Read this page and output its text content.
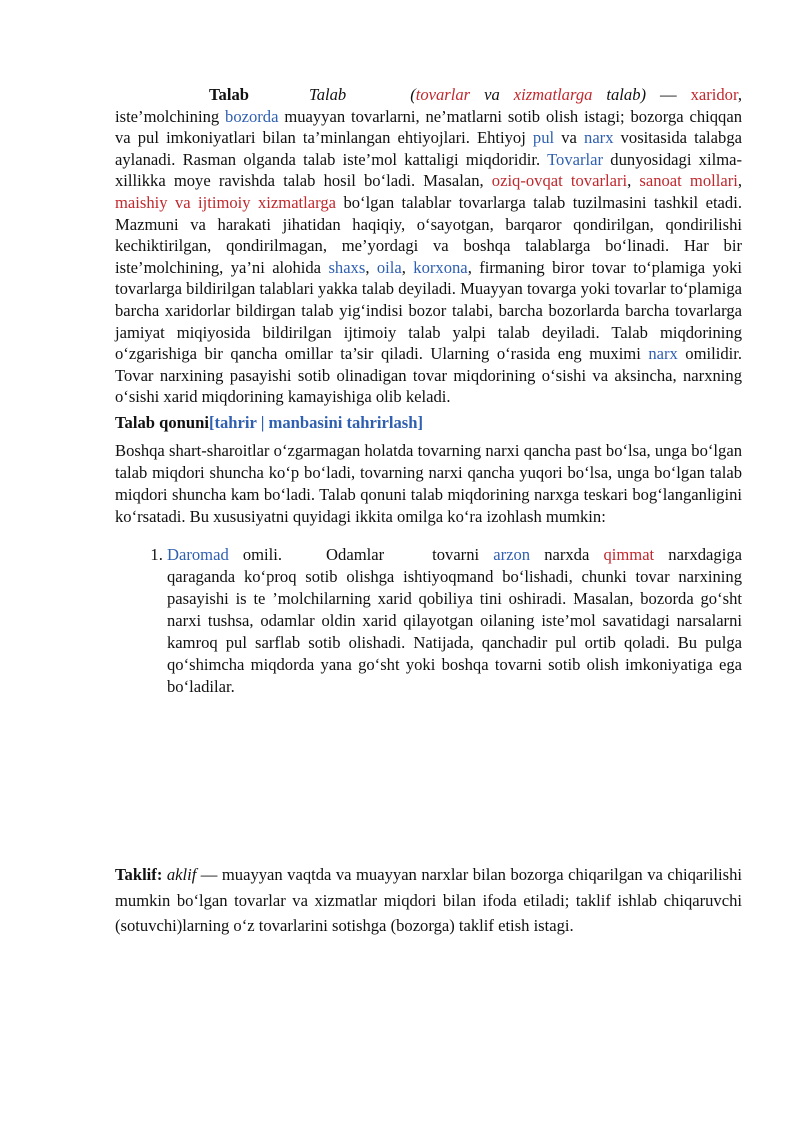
Talab	Talab	(tovarlar va xizmatlarga talab) — xaridor, iste’molchining bozorda muayyan tovarlarni, ne’matlarni sotib olish istagi; bozorga chiqqan va pul imkoniyatlari bilan ta’minlangan ehtiyojlari. Ehtiyoj pul va narx vositasida talabga aylanadi. Rasman olganda talab iste’mol kattaligi miqdoridir. Tovarlar dunyosidagi xilma-xillikka moye ravishda talab hosil bo‘ladi. Masalan, oziq-ovqat tovarlari, sanoat mollari, maishiy va ijtimoiy xizmatlarga bo‘lgan talablar tovarlarga talab tuzilmasini tashkil etadi. Mazmuni va harakati jihatidan haqiqiy, o‘sayotgan, barqaror qondirilgan, qondirilishi kechiktirilgan, qondirilmagan, me’yordagi va boshqa talablarga bo‘linadi. Har bir iste’molchining, ya’ni alohida shaxs, oila, korxona, firmaning biror tovar to‘plamiga yoki tovarlarga bildirilgan talablari yakka talab deyiladi. Muayyan tovarga yoki tovarlar to‘plamiga barcha xaridorlar bildirgan talab yig‘indisi bozor talabi, barcha bozorlarda barcha tovarlarga jamiyat miqiyosida bildirilgan ijtimoiy talab yalpi talab deyiladi. Talab miqdorining o‘zgarishiga bir qancha omillar ta’sir qiladi. Ularning o‘rasida eng muximi narx omilidir. Tovar narxining pasayishi sotib olinadigan tovar miqdorining o‘sishi va aksincha, narxning o‘sishi xarid miqdorining kamayishiga olib keladi.

Talab qonuni[tahrir | manbasini tahrirlash]

Boshqa shart-sharoitlar o‘zgarmagan holatda tovarning narxi qancha past bo‘lsa, unga bo‘lgan talab miqdori shuncha ko‘p bo‘ladi, tovarning narxi qancha yuqori bo‘lsa, unga bo‘lgan talab miqdori shuncha kam bo‘ladi. Talab qonuni talab miqdorining narxga teskari bog‘langanligini ko‘rsatadi. Bu xususiyatni quyidagi ikkita omilga ko‘ra izohlash mumkin:

1. Daromad omili.	Odamlar	tovarni arzon narxda qimmat narxdagiga qaraganda ko‘proq sotib olishga ishtiyoqmand bo‘lishadi, chunki tovar narxining pasayishi is te ’molchilarning xarid qobiliya tini oshiradi. Masalan, bozorda go‘sht narxi tushsa, odamlar oldin xarid qilayotgan oilaning iste’mol savatidagi narsalarni kamroq pul sarflab sotib olishadi. Natijada, qanchadir pul ortib qoladi. Bu pulga qo‘shimcha miqdorda yana go‘sht yoki boshqa tovarni sotib olish imkoniyatiga ega bo‘ladilar.

Taklif: aklif — muayyan vaqtda va muayyan narxlar bilan bozorga chiqarilgan va chiqarilishi mumkin bo‘lgan tovarlar va xizmatlar miqdori bilan ifoda etiladi; taklif ishlab chiqaruvchi (sotuvchi)larning o‘z tovarlarini sotishga (bozorga) taklif etish istagi.
